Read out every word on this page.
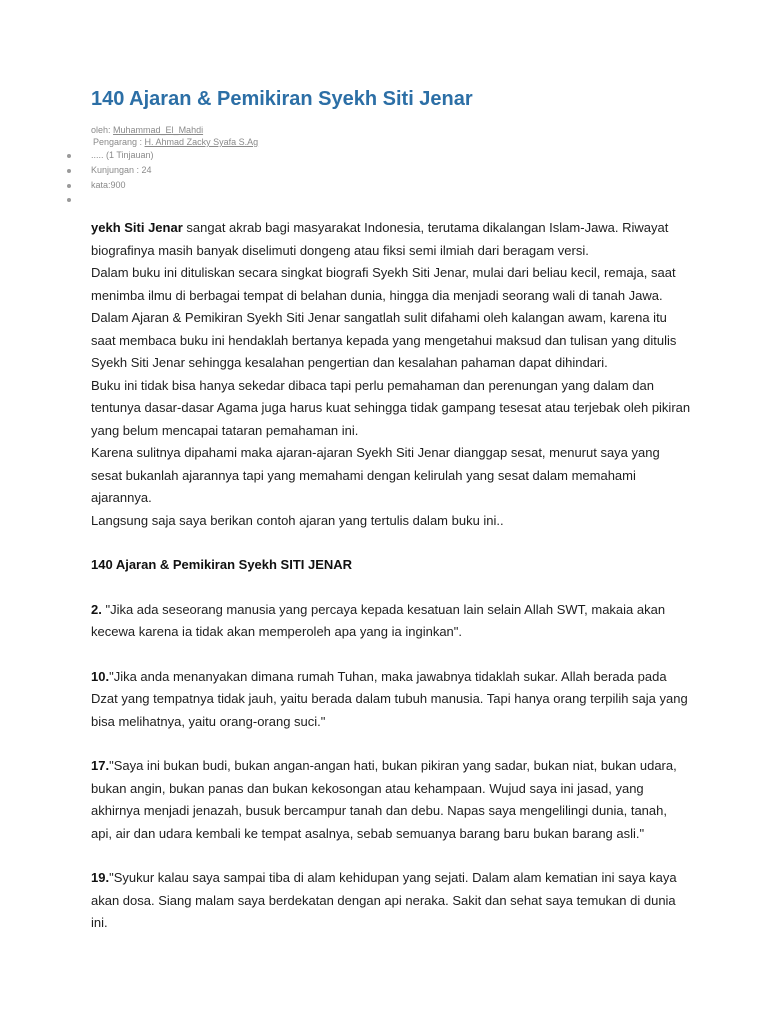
140 Ajaran & Pemikiran Syekh Siti Jenar
oleh: Muhammad_El_Mahdi
Pengarang : H. Ahmad Zacky Syafa S.Ag
..... (1 Tinjauan)
Kunjungan : 24
kata:900

yekh Siti Jenar sangat akrab bagi masyarakat Indonesia, terutama dikalangan Islam-Jawa. Riwayat biografinya masih banyak diselimuti dongeng atau fiksi semi ilmiah dari beragam versi.

Dalam buku ini dituliskan secara singkat biografi Syekh Siti Jenar, mulai dari beliau kecil, remaja, saat menimba ilmu di berbagai tempat di belahan dunia, hingga dia menjadi seorang wali di tanah Jawa.

Dalam Ajaran & Pemikiran Syekh Siti Jenar sangatlah sulit difahami oleh kalangan awam, karena itu saat membaca buku ini hendaklah bertanya kepada yang mengetahui maksud dan tulisan yang ditulis Syekh Siti Jenar sehingga kesalahan pengertian dan kesalahan pahaman dapat dihindari.

Buku ini tidak bisa hanya sekedar dibaca tapi perlu pemahaman dan perenungan yang dalam dan tentunya dasar-dasar Agama juga harus kuat sehingga tidak gampang tesesat atau terjebak oleh pikiran yang belum mencapai tataran pemahaman ini.

Karena sulitnya dipahami maka ajaran-ajaran Syekh Siti Jenar dianggap sesat, menurut saya yang sesat bukanlah ajarannya tapi yang memahami dengan kelirulah yang sesat dalam memahami ajarannya.

Langsung saja saya berikan contoh ajaran yang tertulis dalam buku ini..

140 Ajaran & Pemikiran Syekh SITI JENAR

2. "Jika ada seseorang manusia yang percaya kepada kesatuan lain selain Allah SWT, makaia akan kecewa karena ia tidak akan memperoleh apa yang ia inginkan".

10."Jika anda menanyakan dimana rumah Tuhan, maka jawabnya tidaklah sukar. Allah berada pada Dzat yang tempatnya tidak jauh, yaitu berada dalam tubuh manusia. Tapi hanya orang terpilih saja yang bisa melihatnya, yaitu orang-orang suci."

17."Saya ini bukan budi, bukan angan-angan hati, bukan pikiran yang sadar, bukan niat, bukan udara, bukan angin, bukan panas dan bukan kekosongan atau kehampaan. Wujud saya ini jasad, yang akhirnya menjadi jenazah, busuk bercampur tanah dan debu. Napas saya mengelilingi dunia, tanah, api, air dan udara kembali ke tempat asalnya, sebab semuanya barang baru bukan barang asli."

19."Syukur kalau saya sampai tiba di alam kehidupan yang sejati. Dalam alam kematian ini saya kaya akan dosa. Siang malam saya berdekatan dengan api neraka. Sakit dan sehat saya temukan di dunia ini.
